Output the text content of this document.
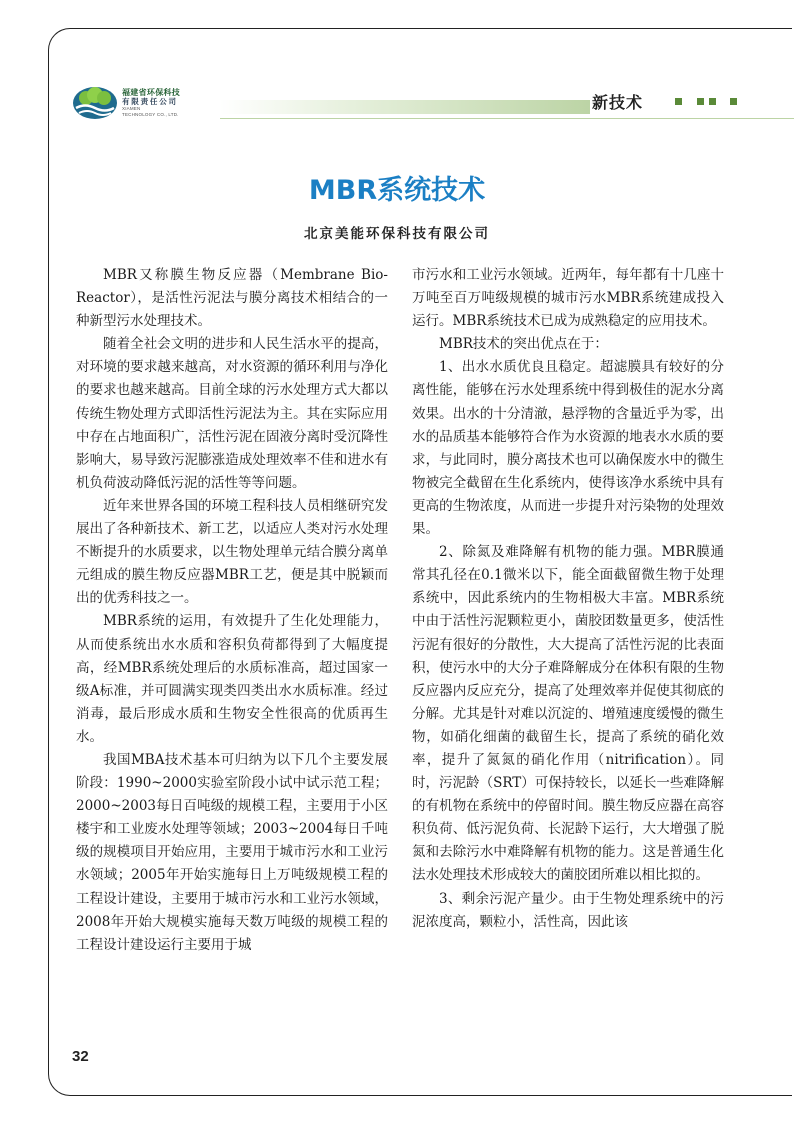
福建省环保科技
有限责任公司
XIAMEN
TECHNOLOGY CO., LTD.
新技术
MBR系统技术
北京美能环保科技有限公司

MBR又称膜生物反应器（Membrane Bio-Reactor），是活性污泥法与膜分离技术相结合的一种新型污水处理技术。

随着全社会文明的进步和人民生活水平的提高，对环境的要求越来越高，对水资源的循环利用与净化的要求也越来越高。目前全球的污水处理方式大都以传统生物处理方式即活性污泥法为主。其在实际应用中存在占地面积广，活性污泥在固液分离时受沉降性影响大，易导致污泥膨涨造成处理效率不佳和进水有机负荷波动降低污泥的活性等等问题。

近年来世界各国的环境工程科技人员相继研究发展出了各种新技术、新工艺，以适应人类对污水处理不断提升的水质要求，以生物处理单元结合膜分离单元组成的膜生物反应器MBR工艺，便是其中脱颖而出的优秀科技之一。

MBR系统的运用，有效提升了生化处理能力，从而使系统出水水质和容积负荷都得到了大幅度提高，经MBR系统处理后的水质标准高，超过国家一级A标准，并可圆满实现类四类出水水质标准。经过消毒，最后形成水质和生物安全性很高的优质再生水。

我国MBA技术基本可归纳为以下几个主要发展阶段：1990~2000实验室阶段小试中试示范工程；2000~2003每日百吨级的规模工程，主要用于小区楼宇和工业废水处理等领域；2003~2004每日千吨级的规模项目开始应用，主要用于城市污水和工业污水领域；2005年开始实施每日上万吨级规模工程的工程设计建设，主要用于城市污水和工业污水领域，2008年开始大规模实施每天数万吨级的规模工程的工程设计建设运行主要用于城

市污水和工业污水领域。近两年，每年都有十几座十万吨至百万吨级规模的城市污水MBR系统建成投入运行。MBR系统技术已成为成熟稳定的应用技术。

MBR技术的突出优点在于：

1、出水水质优良且稳定。超滤膜具有较好的分离性能，能够在污水处理系统中得到极佳的泥水分离效果。出水的十分清澈，悬浮物的含量近乎为零，出水的品质基本能够符合作为水资源的地表水水质的要求，与此同时，膜分离技术也可以确保废水中的微生物被完全截留在生化系统内，使得该净水系统中具有更高的生物浓度，从而进一步提升对污染物的处理效果。

2、除氮及难降解有机物的能力强。MBR膜通常其孔径在0.1微米以下，能全面截留微生物于处理系统中，因此系统内的生物相极大丰富。MBR系统中由于活性污泥颗粒更小，菌胶团数量更多，使活性污泥有很好的分散性，大大提高了活性污泥的比表面积，使污水中的大分子难降解成分在体积有限的生物反应器内反应充分，提高了处理效率并促使其彻底的分解。尤其是针对难以沉淀的、增殖速度缓慢的微生物，如硝化细菌的截留生长，提高了系统的硝化效率，提升了氮氮的硝化作用（nitrification）。同时，污泥龄（SRT）可保持较长，以延长一些难降解的有机物在系统中的停留时间。膜生物反应器在高容积负荷、低污泥负荷、长泥龄下运行，大大增强了脱氮和去除污水中难降解有机物的能力。这是普通生化法水处理技术形成较大的菌胶团所难以相比拟的。

3、剩余污泥产量少。由于生物处理系统中的污泥浓度高，颗粒小，活性高，因此该

32
